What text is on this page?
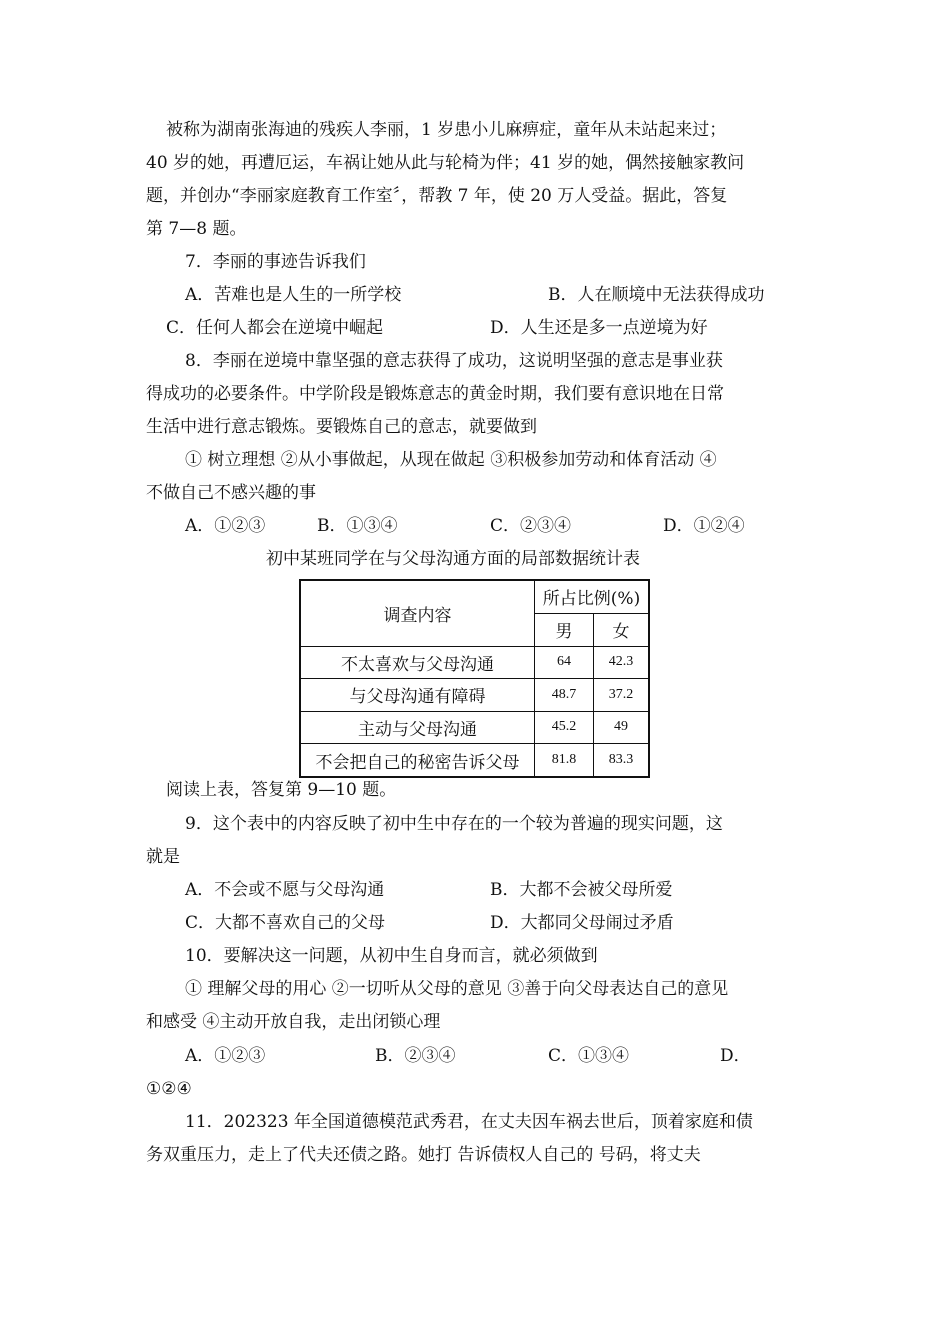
被称为湖南张海迪的残疾人李丽，1 岁患小儿麻痹症，童年从未站起来过；
40 岁的她，再遭厄运，车祸让她从此与轮椅为伴；41 岁的她，偶然接触家教问
题，并创办“李丽家庭教育工作室〞，帮教 7 年，使 20 万人受益。据此，答复
第 7—8 题。
7．李丽的事迹告诉我们
A．苦难也是人生的一所学校	B．人在顺境中无法获得成功
C．任何人都会在逆境中崛起	D．人生还是多一点逆境为好
8．李丽在逆境中靠坚强的意志获得了成功，这说明坚强的意志是事业获
得成功的必要条件。中学阶段是锻炼意志的黄金时期，我们要有意识地在日常
生活中进行意志锻炼。要锻炼自己的意志，就要做到
① 树立理想 ②从小事做起，从现在做起 ③积极参加劳动和体育活动 ④
不做自己不感兴趣的事
A．①②③	B．①③④	C．②③④	D．①②④
初中某班同学在与父母沟通方面的局部数据统计表
调查内容	所占比例(%)	
	男	女
不太喜欢与父母沟通	64	42.3
与父母沟通有障碍	48.7	37.2
主动与父母沟通	45.2	49
不会把自己的秘密告诉父母	81.8	83.3
阅读上表，答复第 9—10 题。
9．这个表中的内容反映了初中生中存在的一个较为普遍的现实问题，这
就是
A．不会或不愿与父母沟通	B．大都不会被父母所爱
C．大都不喜欢自己的父母	D．大都同父母闹过矛盾
10．要解决这一问题，从初中生自身而言，就必须做到
① 理解父母的用心 ②一切听从父母的意见 ③善于向父母表达自己的意见
和感受 ④主动开放自我，走出闭锁心理
A．①②③	B．②③④	C．①③④	D．
①②④
11．202323 年全国道德模范武秀君，在丈夫因车祸去世后，顶着家庭和债
务双重压力，走上了代夫还债之路。她打 告诉债权人自己的 号码，将丈夫
